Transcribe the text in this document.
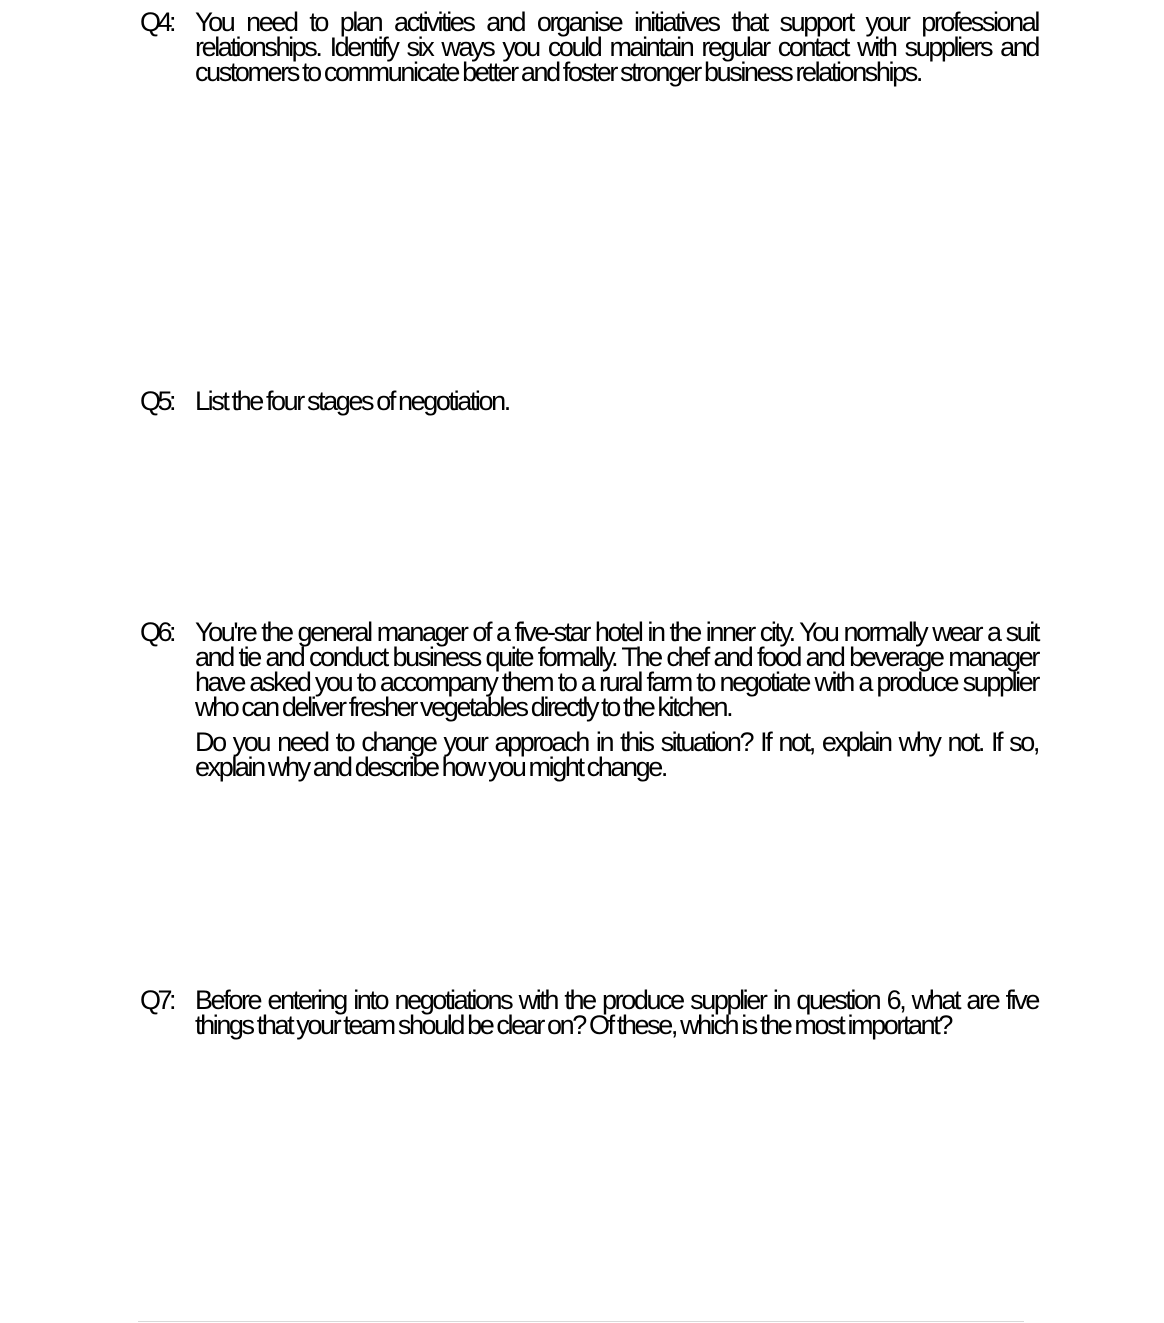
Q4: You need to plan activities and organise initiatives that support your professional relationships. Identify six ways you could maintain regular contact with suppliers and customers to communicate better and foster stronger business relationships.
Q5: List the four stages of negotiation.
Q6: You're the general manager of a five-star hotel in the inner city. You normally wear a suit and tie and conduct business quite formally. The chef and food and beverage manager have asked you to accompany them to a rural farm to negotiate with a produce supplier who can deliver fresher vegetables directly to the kitchen.
Do you need to change your approach in this situation? If not, explain why not. If so, explain why and describe how you might change.
Q7: Before entering into negotiations with the produce supplier in question 6, what are five things that your team should be clear on? Of these, which is the most important?
